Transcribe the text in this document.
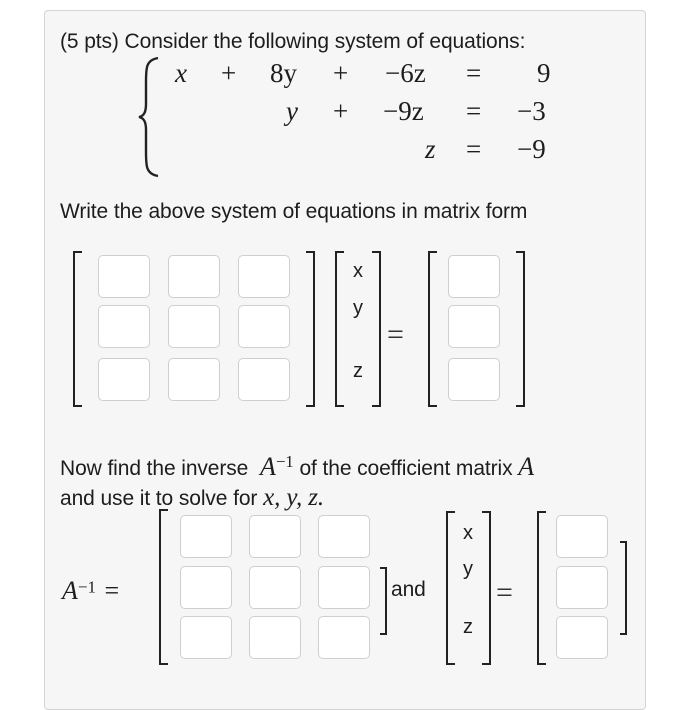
(5 pts) Consider the following system of equations:
x + 8y + −6z = 9
y + −9z = −3
z = −9
Write the above system of equations in matrix form
x
y
z
=
Now find the inverse $A^{-1}$ of the coefficient matrix A
and use it to solve for x, y, z.
$A^{-1}$ =	and
x
y
z
=
